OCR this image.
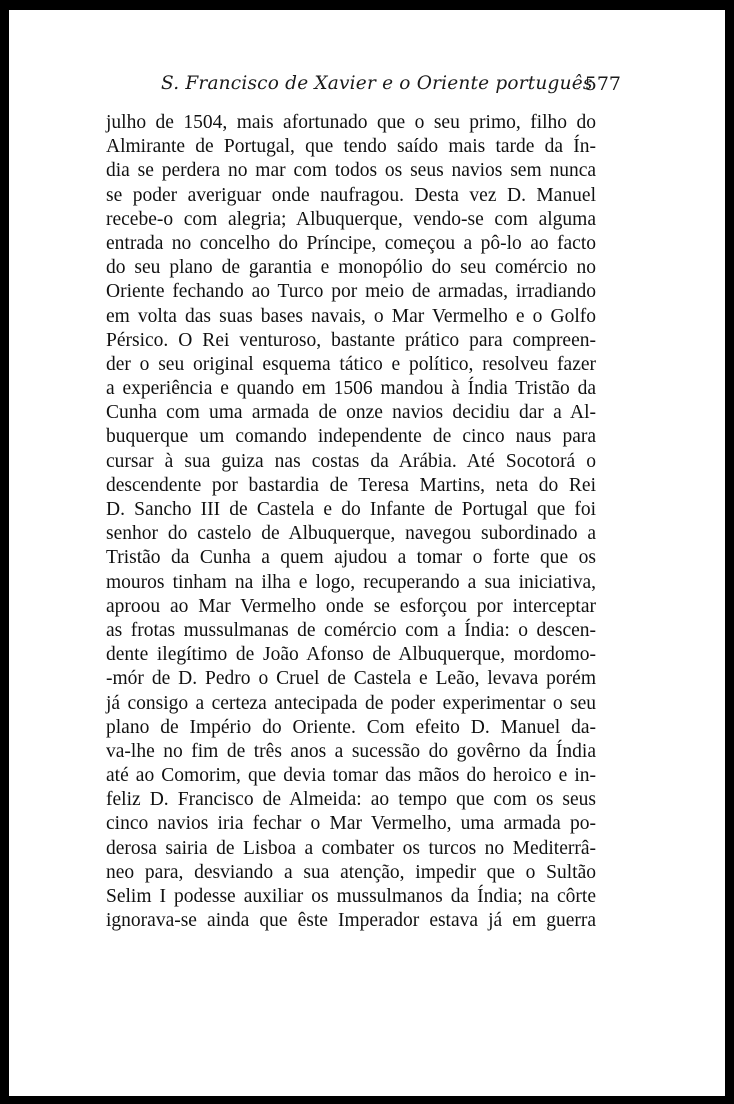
S. Francisco de Xavier e o Oriente português
577
julho de 1504, mais afortunado que o seu primo, filho do
Almirante de Portugal, que tendo saído mais tarde da Ín-
dia se perdera no mar com todos os seus navios sem nunca
se poder averiguar onde naufragou. Desta vez D. Manuel
recebe-o com alegria; Albuquerque, vendo-se com alguma
entrada no concelho do Príncipe, começou a pô-lo ao facto
do seu plano de garantia e monopólio do seu comércio no
Oriente fechando ao Turco por meio de armadas, irradiando
em volta das suas bases navais, o Mar Vermelho e o Golfo
Pérsico. O Rei venturoso, bastante prático para compreen-
der o seu original esquema tático e político, resolveu fazer
a experiência e quando em 1506 mandou à Índia Tristão da
Cunha com uma armada de onze navios decidiu dar a Al-
buquerque um comando independente de cinco naus para
cursar à sua guiza nas costas da Arábia. Até Socotorá o
descendente por bastardia de Teresa Martins, neta do Rei
D. Sancho III de Castela e do Infante de Portugal que foi
senhor do castelo de Albuquerque, navegou subordinado a
Tristão da Cunha a quem ajudou a tomar o forte que os
mouros tinham na ilha e logo, recuperando a sua iniciativa,
aproou ao Mar Vermelho onde se esforçou por interceptar
as frotas mussulmanas de comércio com a Índia: o descen-
dente ilegítimo de João Afonso de Albuquerque, mordomo-
-mór de D. Pedro o Cruel de Castela e Leão, levava porém
já consigo a certeza antecipada de poder experimentar o seu
plano de Império do Oriente. Com efeito D. Manuel da-
va-lhe no fim de três anos a sucessão do govêrno da Índia
até ao Comorim, que devia tomar das mãos do heroico e in-
feliz D. Francisco de Almeida: ao tempo que com os seus
cinco navios iria fechar o Mar Vermelho, uma armada po-
derosa sairia de Lisboa a combater os turcos no Mediterrâ-
neo para, desviando a sua atenção, impedir que o Sultão
Selim I podesse auxiliar os mussulmanos da Índia; na côrte
ignorava-se ainda que êste Imperador estava já em guerra
